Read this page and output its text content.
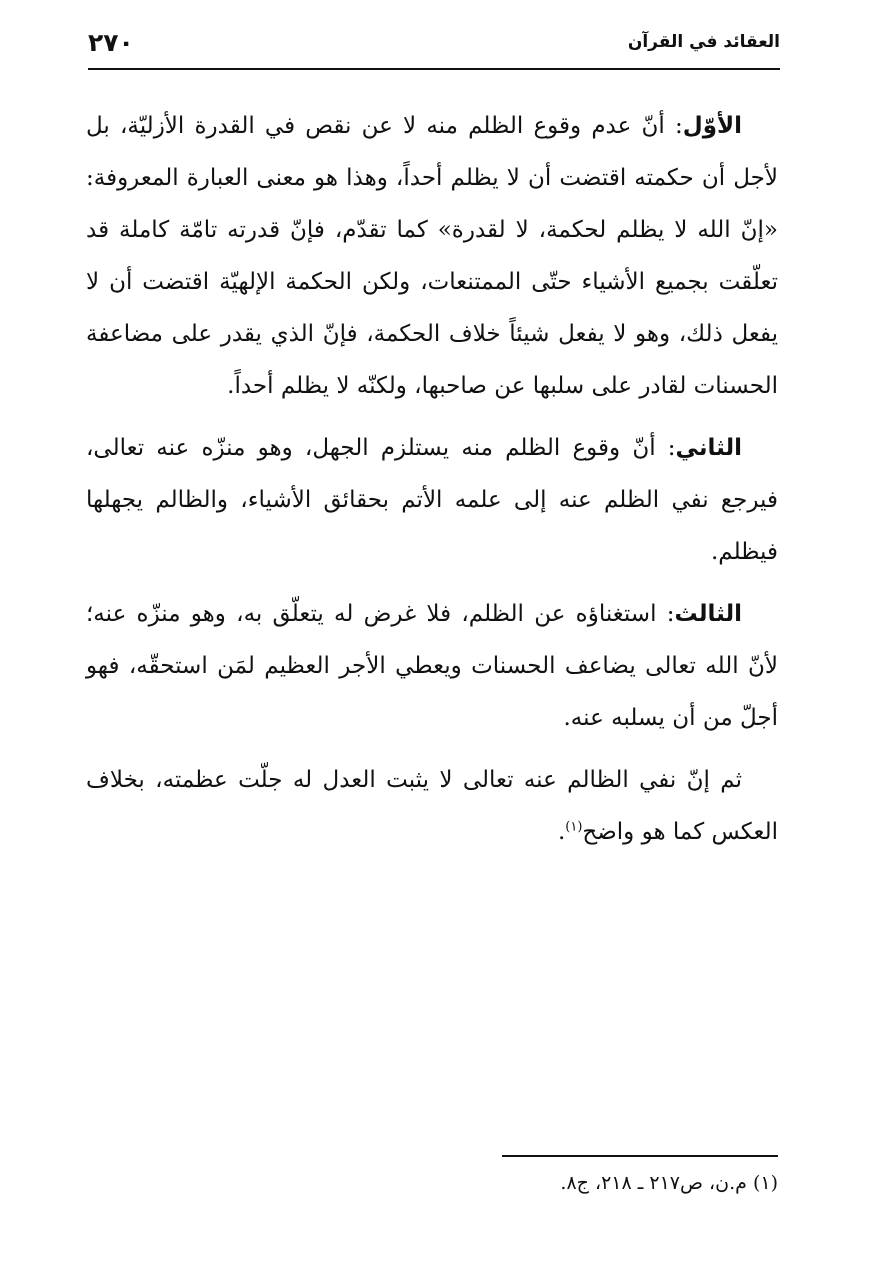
العقائد في القرآن
٢٧٠

الأوّل: أنّ عدم وقوع الظلم منه لا عن نقص في القدرة الأزليّة، بل لأجل أن حكمته اقتضت أن لا يظلم أحداً، وهذا هو معنى العبارة المعروفة: «إنّ الله لا يظلم لحكمة، لا لقدرة» كما تقدّم، فإنّ قدرته تامّة كاملة قد تعلّقت بجميع الأشياء حتّى الممتنعات، ولكن الحكمة الإلهيّة اقتضت أن لا يفعل ذلك، وهو لا يفعل شيئاً خلاف الحكمة، فإنّ الذي يقدر على مضاعفة الحسنات لقادر على سلبها عن صاحبها، ولكنّه لا يظلم أحداً.

الثاني: أنّ وقوع الظلم منه يستلزم الجهل، وهو منزّه عنه تعالى، فيرجع نفي الظلم عنه إلى علمه الأتم بحقائق الأشياء، والظالم يجهلها فيظلم.

الثالث: استغناؤه عن الظلم، فلا غرض له يتعلّق به، وهو منزّه عنه؛ لأنّ الله تعالى يضاعف الحسنات ويعطي الأجر العظيم لمَن استحقّه، فهو أجلّ من أن يسلبه عنه.

ثم إنّ نفي الظالم عنه تعالى لا يثبت العدل له جلّت عظمته، بخلاف العكس كما هو واضح$^{(١)}$.

(١) م.ن، ص٢١٧ ـ ٢١٨، ج٨.
